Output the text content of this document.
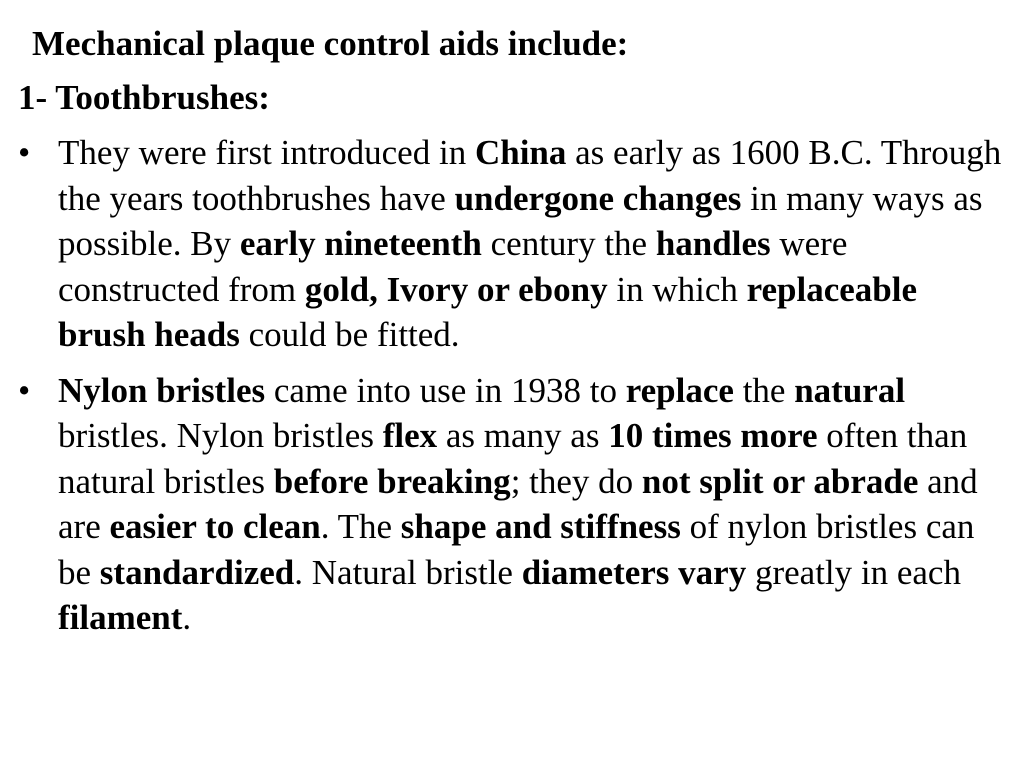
Mechanical plaque control aids include:
1- Toothbrushes:
• They were first introduced in China as early as 1600 B.C. Through the years toothbrushes have undergone changes in many ways as possible. By early nineteenth century the handles were constructed from gold, Ivory or ebony in which replaceable brush heads could be fitted.
• Nylon bristles came into use in 1938 to replace the natural bristles. Nylon bristles flex as many as 10 times more often than natural bristles before breaking; they do not split or abrade and are easier to clean. The shape and stiffness of nylon bristles can be standardized. Natural bristle diameters vary greatly in each filament.
